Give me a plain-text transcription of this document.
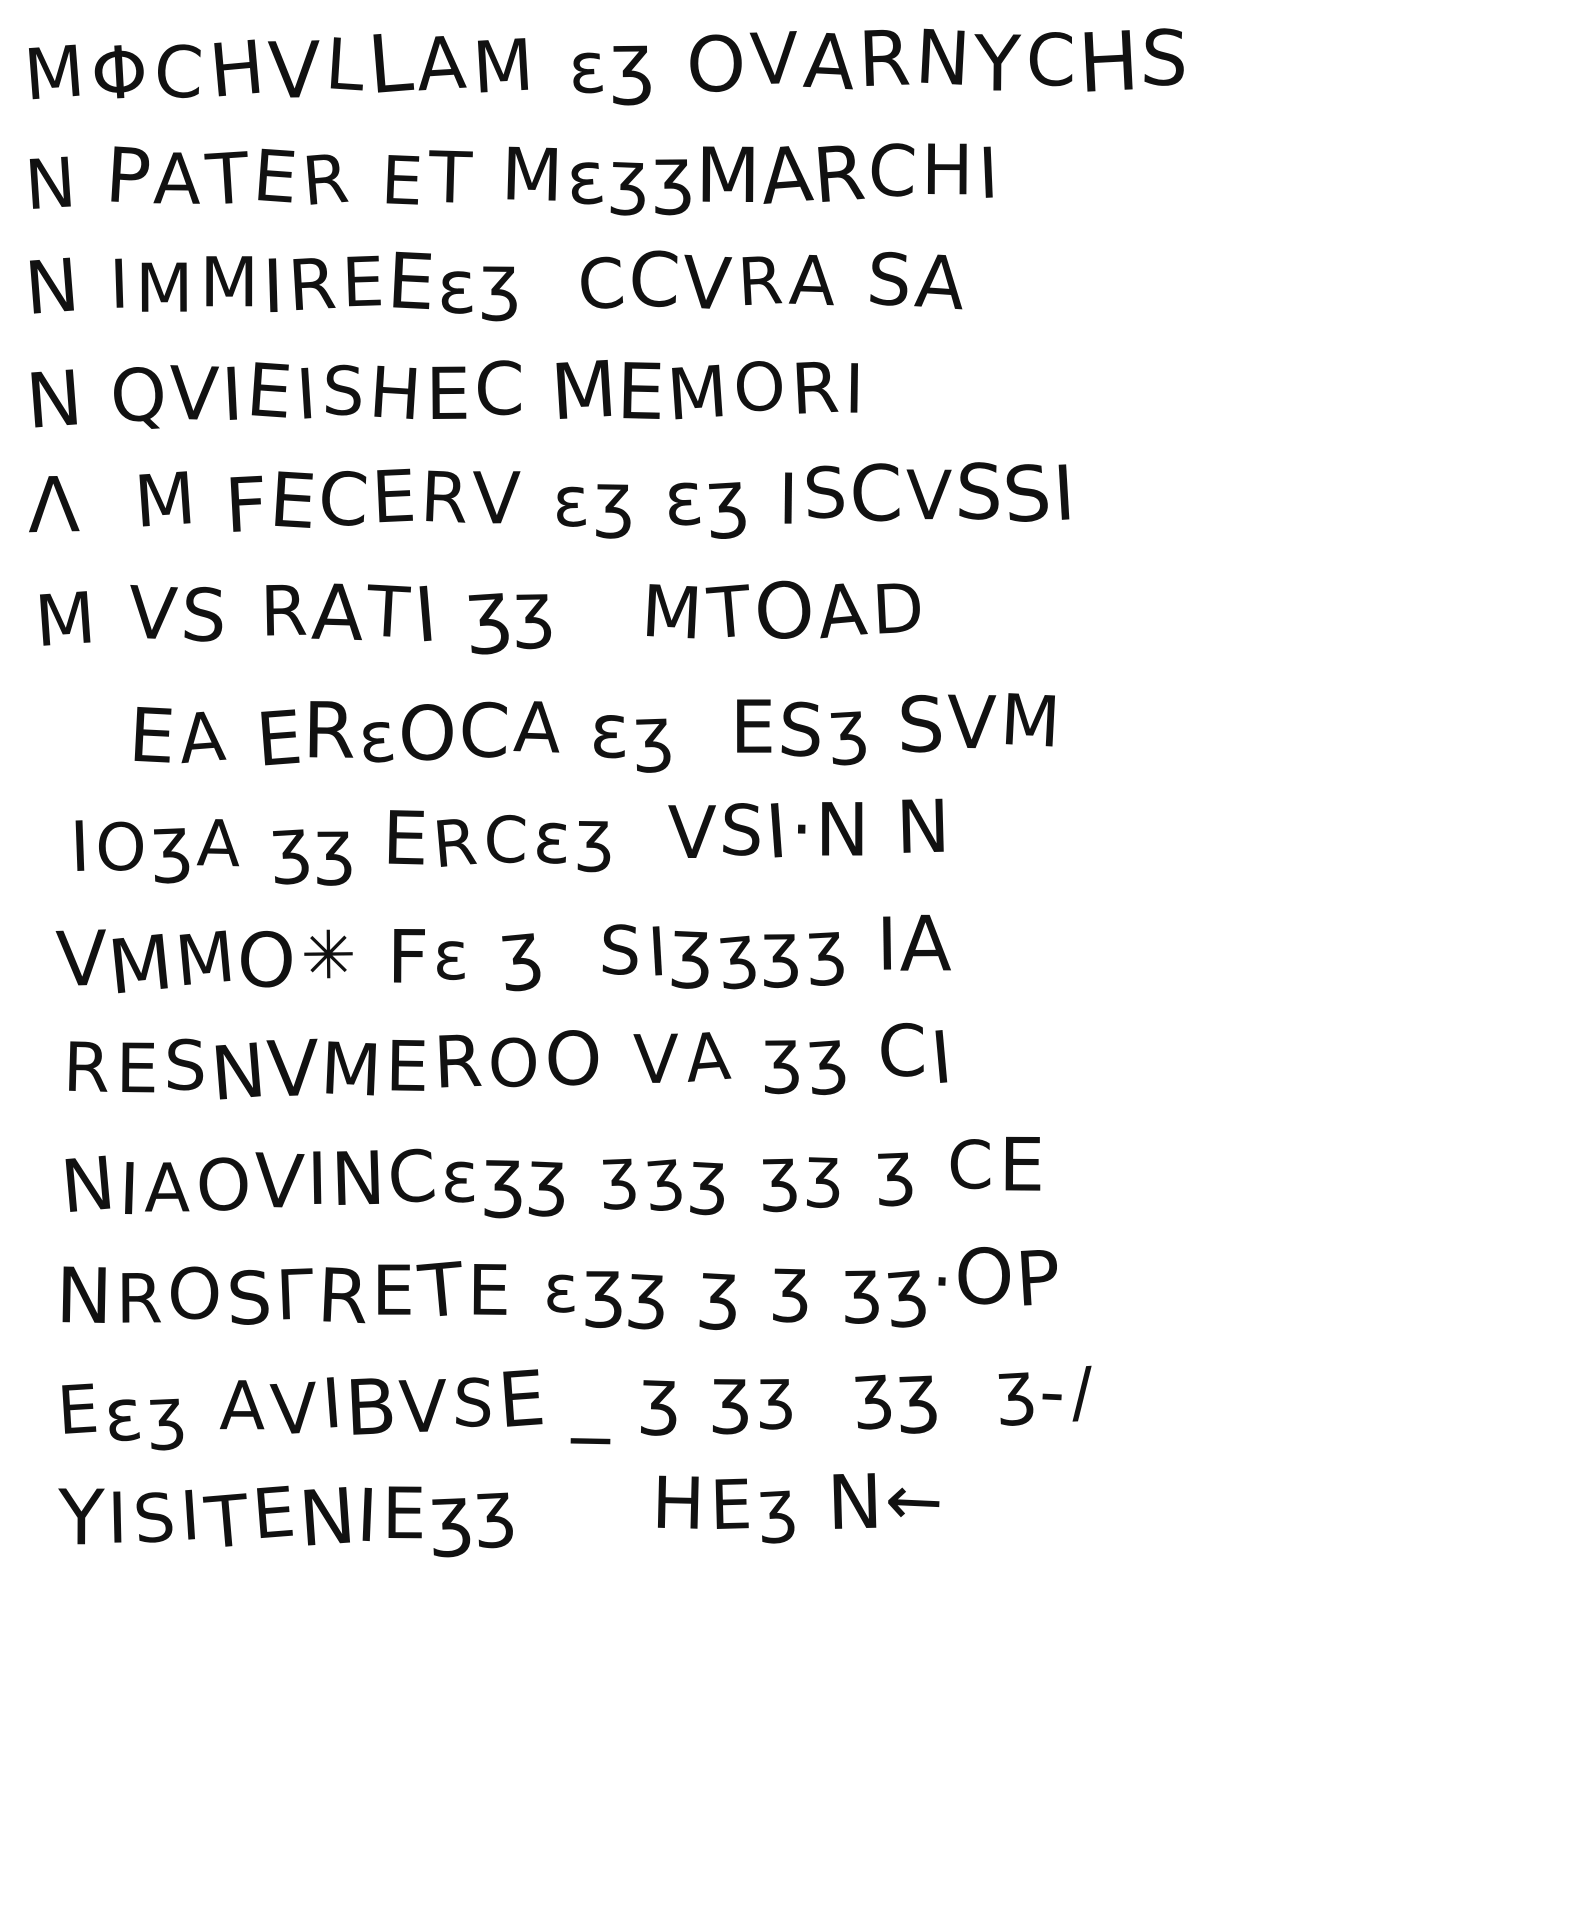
MΦCHVLLAM εʒ OVARNYCHS
N PATER ET MεʒʒMARCHI
N IMMIREEεʒ CCVRA SA
N QVIEISHEC MEMORI
Λ M FECERV εʒ εʒ ISCVSSI
M VS RATI ʒʒ MTOAD
EA ERεOCA εʒ ESʒ SVM
IOʒA ʒʒ ERCεʒ VSI·N N
VMMO✳ Fε ʒ SIʒʒʒʒ IA
RESNVMEROO VA ʒʒ CI
NIAOVINCεʒʒ ʒʒʒ ʒʒ ʒ CE
NROSΓRETE εʒʒ ʒ ʒ ʒʒ·OP
Eεʒ AVIBVSE _ ʒ ʒʒ ʒʒ ʒ-/
YISITENIEʒʒ HEʒ N←
